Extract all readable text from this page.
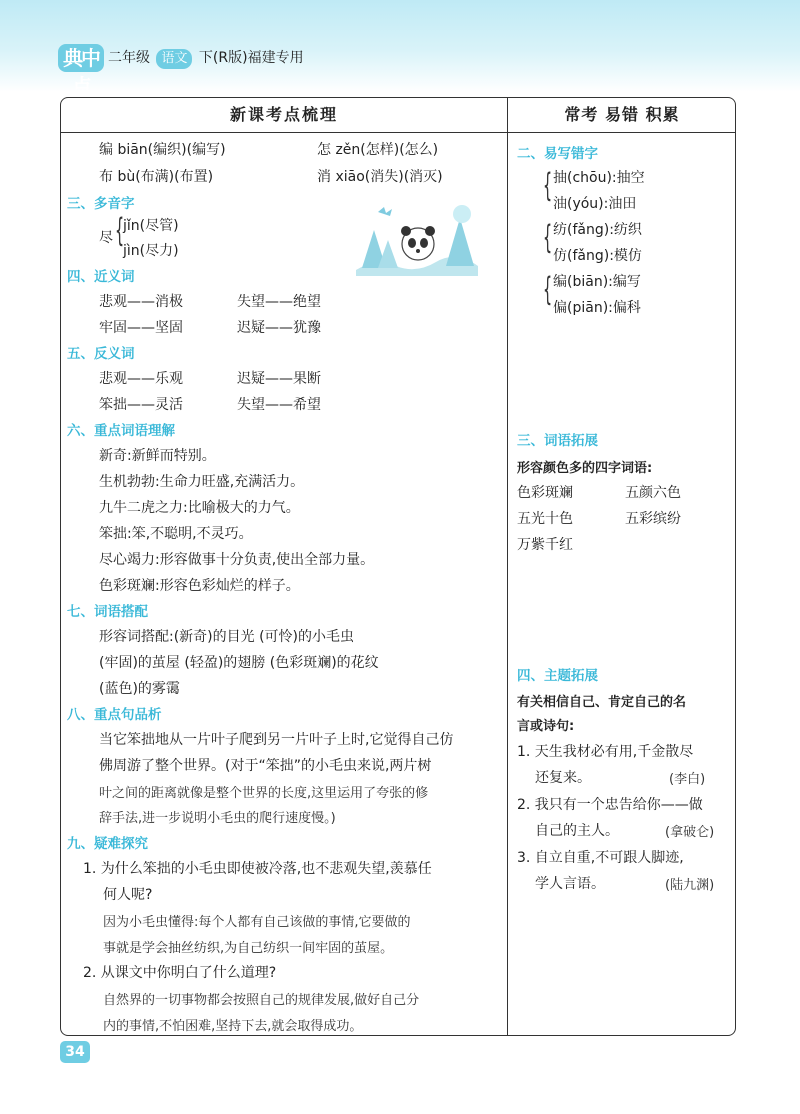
典中点
二年级 语文 下(R版)福建专用
新课考点梳理	常考 易错 积累
编 biān(编织)(编写)	怎 zěn(怎样)(怎么)
布 bù(布满)(布置)	消 xiāo(消失)(消灭)
三、多音字
尽 {
jǐn(尽管)
jìn(尽力)
四、近义词
悲观——消极	失望——绝望
牢固——坚固	迟疑——犹豫
五、反义词
悲观——乐观	迟疑——果断
笨拙——灵活	失望——希望
六、重点词语理解
新奇:新鲜而特别。
生机勃勃:生命力旺盛,充满活力。
九牛二虎之力:比喻极大的力气。
笨拙:笨,不聪明,不灵巧。
尽心竭力:形容做事十分负责,使出全部力量。
色彩斑斓:形容色彩灿烂的样子。
七、词语搭配
形容词搭配:(新奇)的目光 (可怜)的小毛虫
(牢固)的茧屋 (轻盈)的翅膀 (色彩斑斓)的花纹
(蓝色)的雾霭
八、重点句品析
当它笨拙地从一片叶子爬到另一片叶子上时,它觉得自己仿
佛周游了整个世界。(对于“笨拙”的小毛虫来说,两片树
叶之间的距离就像是整个世界的长度,这里运用了夸张的修
辞手法,进一步说明小毛虫的爬行速度慢。)
九、疑难探究
1. 为什么笨拙的小毛虫即使被冷落,也不悲观失望,羡慕任
何人呢?
因为小毛虫懂得:每个人都有自己该做的事情,它要做的
事就是学会抽丝纺织,为自己纺织一间牢固的茧屋。
2. 从课文中你明白了什么道理?
自然界的一切事物都会按照自己的规律发展,做好自己分
内的事情,不怕困难,坚持下去,就会取得成功。
二、易写错字
{ 抽(chōu):抽空
油(yóu):油田
{ 纺(fǎng):纺织
仿(fǎng):模仿
{ 编(biān):编写
偏(piān):偏科
三、词语拓展
形容颜色多的四字词语:
色彩斑斓	五颜六色
五光十色	五彩缤纷
万紫千红
四、主题拓展
有关相信自己、肯定自己的名
言或诗句:
1. 天生我材必有用,千金散尽
还复来。	(李白)
2. 我只有一个忠告给你——做
自己的主人。	(拿破仑)
3. 自立自重,不可跟人脚迹,
学人言语。	(陆九渊)
34
